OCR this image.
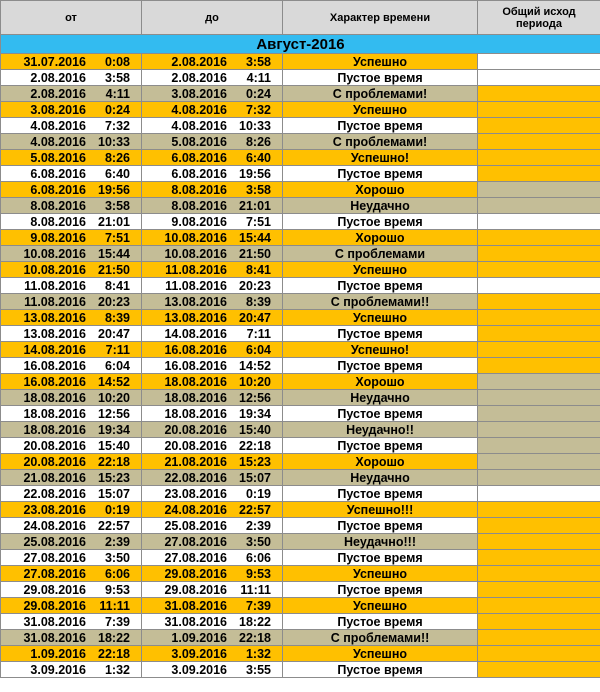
от	до	Характер времени	Общий исход периода
Август-2016			
31.07.2016 0:08	2.08.2016 3:58	Успешно	
2.08.2016 3:58	2.08.2016 4:11	Пустое время	
2.08.2016 4:11	3.08.2016 0:24	С проблемами!	
3.08.2016 0:24	4.08.2016 7:32	Успешно	
4.08.2016 7:32	4.08.2016 10:33	Пустое время	
4.08.2016 10:33	5.08.2016 8:26	С проблемами!	
5.08.2016 8:26	6.08.2016 6:40	Успешно!	
6.08.2016 6:40	6.08.2016 19:56	Пустое время	
6.08.2016 19:56	8.08.2016 3:58	Хорошо	
8.08.2016 3:58	8.08.2016 21:01	Неудачно	
8.08.2016 21:01	9.08.2016 7:51	Пустое время	
9.08.2016 7:51	10.08.2016 15:44	Хорошо	
10.08.2016 15:44	10.08.2016 21:50	С проблемами	
10.08.2016 21:50	11.08.2016 8:41	Успешно	
11.08.2016 8:41	11.08.2016 20:23	Пустое время	
11.08.2016 20:23	13.08.2016 8:39	С проблемами!!	
13.08.2016 8:39	13.08.2016 20:47	Успешно	
13.08.2016 20:47	14.08.2016 7:11	Пустое время	
14.08.2016 7:11	16.08.2016 6:04	Успешно!	
16.08.2016 6:04	16.08.2016 14:52	Пустое время	
16.08.2016 14:52	18.08.2016 10:20	Хорошо	
18.08.2016 10:20	18.08.2016 12:56	Неудачно	
18.08.2016 12:56	18.08.2016 19:34	Пустое время	
18.08.2016 19:34	20.08.2016 15:40	Неудачно!!	
20.08.2016 15:40	20.08.2016 22:18	Пустое время	
20.08.2016 22:18	21.08.2016 15:23	Хорошо	
21.08.2016 15:23	22.08.2016 15:07	Неудачно	
22.08.2016 15:07	23.08.2016 0:19	Пустое время	
23.08.2016 0:19	24.08.2016 22:57	Успешно!!!	
24.08.2016 22:57	25.08.2016 2:39	Пустое время	
25.08.2016 2:39	27.08.2016 3:50	Неудачно!!!	
27.08.2016 3:50	27.08.2016 6:06	Пустое время	
27.08.2016 6:06	29.08.2016 9:53	Успешно	
29.08.2016 9:53	29.08.2016 11:11	Пустое время	
29.08.2016 11:11	31.08.2016 7:39	Успешно	
31.08.2016 7:39	31.08.2016 18:22	Пустое время	
31.08.2016 18:22	1.09.2016 22:18	С проблемами!!	
1.09.2016 22:18	3.09.2016 1:32	Успешно	
3.09.2016 1:32	3.09.2016 3:55	Пустое время	
